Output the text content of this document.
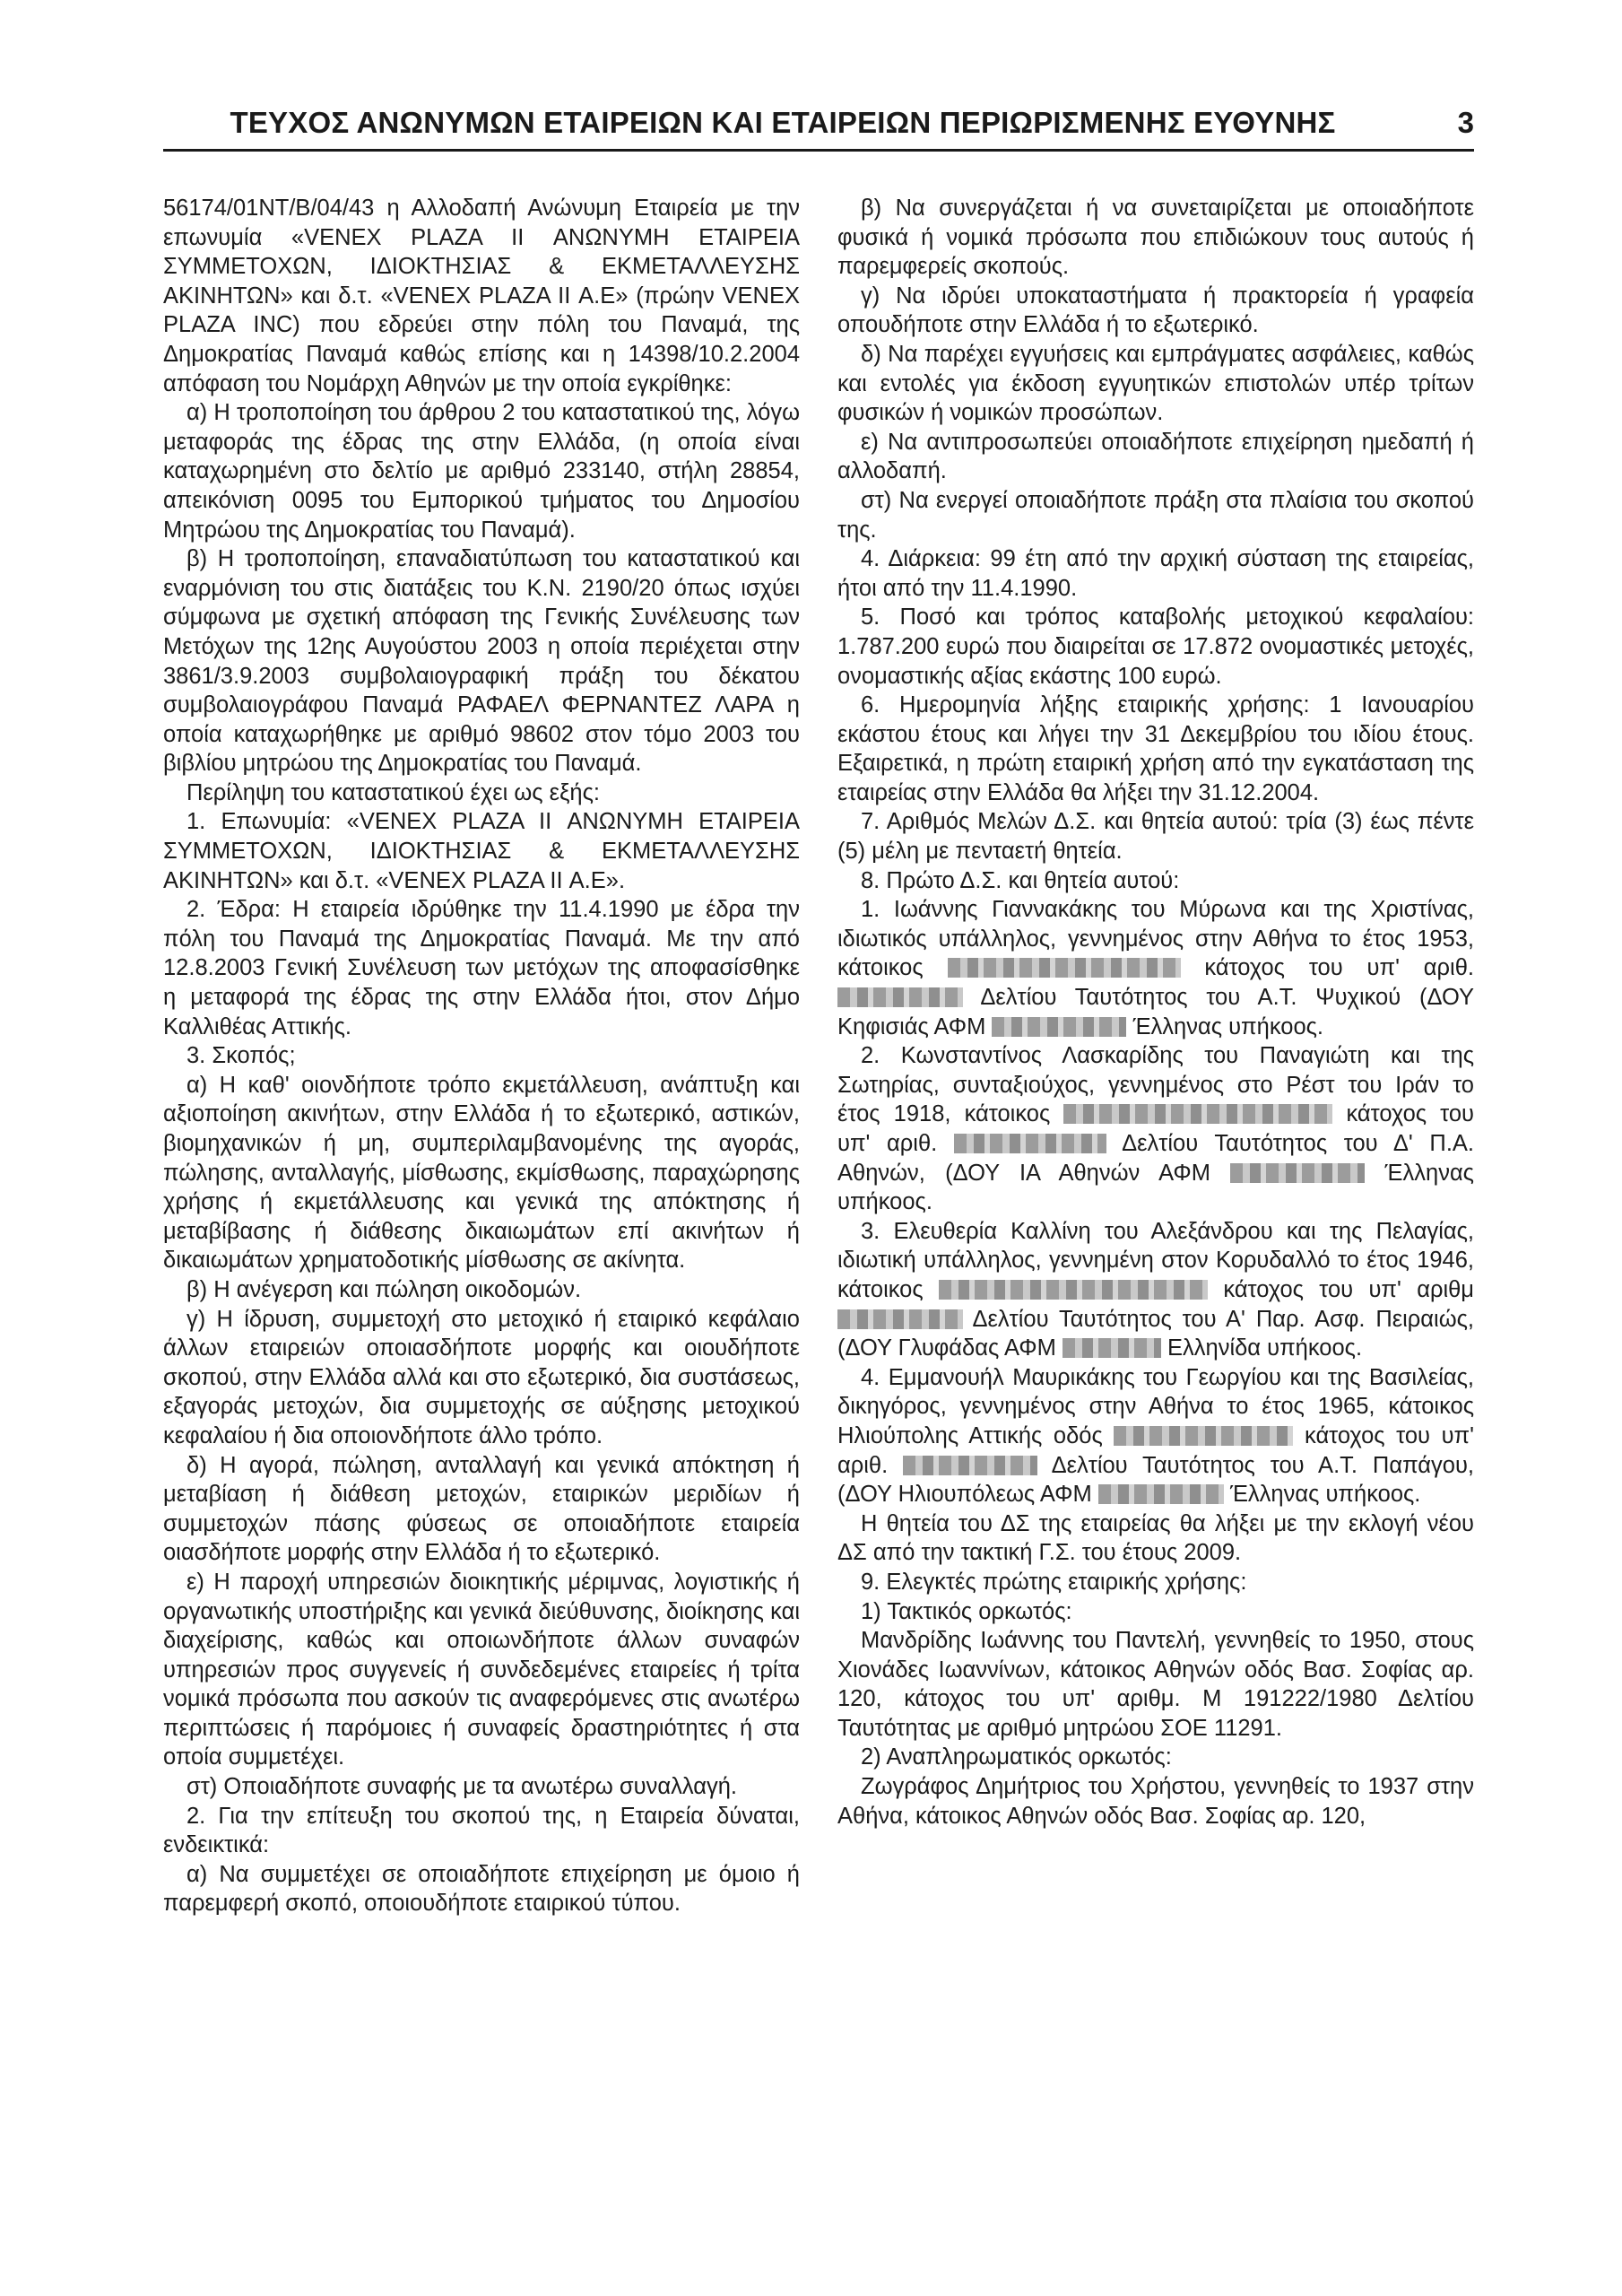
ΤΕΥΧΟΣ ΑΝΩΝΥΜΩΝ ΕΤΑΙΡΕΙΩΝ ΚΑΙ ΕΤΑΙΡΕΙΩΝ ΠΕΡΙΩΡΙΣΜΕΝΗΣ ΕΥΘΥΝΗΣ	3

56174/01ΝΤ/Β/04/43 η Αλλοδαπή Ανώνυμη Εταιρεία με την επωνυμία «VENEX PLAZA II ΑΝΩΝΥΜΗ ΕΤΑΙΡΕΙΑ ΣΥΜΜΕΤΟΧΩΝ, ΙΔΙΟΚΤΗΣΙΑΣ & ΕΚΜΕΤΑΛΛΕΥΣΗΣ ΑΚΙΝΗΤΩΝ» και δ.τ. «VENEX PLAZA II Α.Ε» (πρώην VENEX PLAZA INC) που εδρεύει στην πόλη του Παναμά, της Δημοκρατίας Παναμά καθώς επίσης και η 14398/10.2.2004 απόφαση του Νομάρχη Αθηνών με την οποία εγκρίθηκε:

α) Η τροποποίηση του άρθρου 2 του καταστατικού της, λόγω μεταφοράς της έδρας της στην Ελλάδα, (η οποία είναι καταχωρημένη στο δελτίο με αριθμό 233140, στήλη 28854, απεικόνιση 0095 του Εμπορικού τμήματος του Δημοσίου Μητρώου της Δημοκρατίας του Παναμά).

β) Η τροποποίηση, επαναδιατύπωση του καταστατικού και εναρμόνιση του στις διατάξεις του Κ.Ν. 2190/20 όπως ισχύει σύμφωνα με σχετική απόφαση της Γενικής Συνέλευσης των Μετόχων της 12ης Αυγούστου 2003 η οποία περιέχεται στην 3861/3.9.2003 συμβολαιογραφική πράξη του δέκατου συμβολαιογράφου Παναμά ΡΑΦΑΕΛ ΦΕΡΝΑΝΤΕΖ ΛΑΡΑ η οποία καταχωρήθηκε με αριθμό 98602 στον τόμο 2003 του βιβλίου μητρώου της Δημοκρατίας του Παναμά.

Περίληψη του καταστατικού έχει ως εξής:

1. Επωνυμία: «VENEX PLAZA II ΑΝΩΝΥΜΗ ΕΤΑΙΡΕΙΑ ΣΥΜΜΕΤΟΧΩΝ, ΙΔΙΟΚΤΗΣΙΑΣ & ΕΚΜΕΤΑΛΛΕΥΣΗΣ ΑΚΙΝΗΤΩΝ» και δ.τ. «VENEX PLAZA II Α.Ε».

2. Έδρα: Η εταιρεία ιδρύθηκε την 11.4.1990 με έδρα την πόλη του Παναμά της Δημοκρατίας Παναμά. Με την από 12.8.2003 Γενική Συνέλευση των μετόχων της αποφασίσθηκε η μεταφορά της έδρας της στην Ελλάδα ήτοι, στον Δήμο Καλλιθέας Αττικής.

3. Σκοπός;

α) Η καθ' οιονδήποτε τρόπο εκμετάλλευση, ανάπτυξη και αξιοποίηση ακινήτων, στην Ελλάδα ή το εξωτερικό, αστικών, βιομηχανικών ή μη, συμπεριλαμβανομένης της αγοράς, πώλησης, ανταλλαγής, μίσθωσης, εκμίσθωσης, παραχώρησης χρήσης ή εκμετάλλευσης και γενικά της απόκτησης ή μεταβίβασης ή διάθεσης δικαιωμάτων επί ακινήτων ή δικαιωμάτων χρηματοδοτικής μίσθωσης σε ακίνητα.

β) Η ανέγερση και πώληση οικοδομών.

γ) Η ίδρυση, συμμετοχή στο μετοχικό ή εταιρικό κεφάλαιο άλλων εταιρειών οποιασδήποτε μορφής και οιουδήποτε σκοπού, στην Ελλάδα αλλά και στο εξωτερικό, δια συστάσεως, εξαγοράς μετοχών, δια συμμετοχής σε αύξησης μετοχικού κεφαλαίου ή δια οποιονδήποτε άλλο τρόπο.

δ) Η αγορά, πώληση, ανταλλαγή και γενικά απόκτηση ή μεταβίαση ή διάθεση μετοχών, εταιρικών μεριδίων ή συμμετοχών πάσης φύσεως σε οποιαδήποτε εταιρεία οιασδήποτε μορφής στην Ελλάδα ή το εξωτερικό.

ε) Η παροχή υπηρεσιών διοικητικής μέριμνας, λογιστικής ή οργανωτικής υποστήριξης και γενικά διεύθυνσης, διοίκησης και διαχείρισης, καθώς και οποιωνδήποτε άλλων συναφών υπηρεσιών προς συγγενείς ή συνδεδεμένες εταιρείες ή τρίτα νομικά πρόσωπα που ασκούν τις αναφερόμενες στις ανωτέρω περιπτώσεις ή παρόμοιες ή συναφείς δραστηριότητες ή στα οποία συμμετέχει.

στ) Οποιαδήποτε συναφής με τα ανωτέρω συναλλαγή.

2. Για την επίτευξη του σκοπού της, η Εταιρεία δύναται, ενδεικτικά:

α) Να συμμετέχει σε οποιαδήποτε επιχείρηση με όμοιο ή παρεμφερή σκοπό, οποιουδήποτε εταιρικού τύπου.

β) Να συνεργάζεται ή να συνεταιρίζεται με οποιαδήποτε φυσικά ή νομικά πρόσωπα που επιδιώκουν τους αυτούς ή παρεμφερείς σκοπούς.

γ) Να ιδρύει υποκαταστήματα ή πρακτορεία ή γραφεία οπουδήποτε στην Ελλάδα ή το εξωτερικό.

δ) Να παρέχει εγγυήσεις και εμπράγματες ασφάλειες, καθώς και εντολές για έκδοση εγγυητικών επιστολών υπέρ τρίτων φυσικών ή νομικών προσώπων.

ε) Να αντιπροσωπεύει οποιαδήποτε επιχείρηση ημεδαπή ή αλλοδαπή.

στ) Να ενεργεί οποιαδήποτε πράξη στα πλαίσια του σκοπού της.

4. Διάρκεια: 99 έτη από την αρχική σύσταση της εταιρείας, ήτοι από την 11.4.1990.

5. Ποσό και τρόπος καταβολής μετοχικού κεφαλαίου: 1.787.200 ευρώ που διαιρείται σε 17.872 ονομαστικές μετοχές, ονομαστικής αξίας εκάστης 100 ευρώ.

6. Ημερομηνία λήξης εταιρικής χρήσης: 1 Ιανουαρίου εκάστου έτους και λήγει την 31 Δεκεμβρίου του ιδίου έτους. Εξαιρετικά, η πρώτη εταιρική χρήση από την εγκατάσταση της εταιρείας στην Ελλάδα θα λήξει την 31.12.2004.

7. Αριθμός Μελών Δ.Σ. και θητεία αυτού: τρία (3) έως πέντε (5) μέλη με πενταετή θητεία.

8. Πρώτο Δ.Σ. και θητεία αυτού:

1. Ιωάννης Γιαννακάκης του Μύρωνα και της Χριστίνας, ιδιωτικός υπάλληλος, γεννημένος στην Αθήνα το έτος 1953, κάτοικος	κάτοχος του υπ' αριθ.  Δελτίου Ταυτότητος του Α.Τ. Ψυχικού (ΔΟΥ Κηφισιάς ΑΦΜ	Έλληνας υπήκοος.

2. Κωνσταντίνος Λασκαρίδης του Παναγιώτη και της Σωτηρίας, συνταξιούχος, γεννημένος στο Ρέστ του Ιράν το έτος 1918, κάτοικος	κάτοχος του υπ' αριθ.	Δελτίου Ταυτότητος του Δ' Π.Α. Αθηνών, (ΔΟΥ ΙΑ Αθηνών ΑΦΜ	Έλληνας υπήκοος.

3. Ελευθερία Καλλίνη του Αλεξάνδρου και της Πελαγίας, ιδιωτική υπάλληλος, γεννημένη στον Κορυδαλλό το έτος 1946, κάτοικος	κάτοχος του υπ' αριθμ  Δελτίου Ταυτότητος του Α' Παρ. Ασφ. Πειραιώς, (ΔΟΥ Γλυφάδας ΑΦΜ	Ελληνίδα υπήκοος.

4. Εμμανουήλ Μαυρικάκης του Γεωργίου και της Βασιλείας, δικηγόρος, γεννημένος στην Αθήνα το έτος 1965, κάτοικος Ηλιούπολης Αττικής οδός	κάτοχος του υπ' αριθ.	Δελτίου Ταυτότητος του Α.Τ. Παπάγου, (ΔΟΥ Ηλιουπόλεως ΑΦΜ	Έλληνας υπήκοος.

Η θητεία του ΔΣ της εταιρείας θα λήξει με την εκλογή νέου ΔΣ από την τακτική Γ.Σ. του έτους 2009.

9. Ελεγκτές πρώτης εταιρικής χρήσης:

1) Τακτικός ορκωτός:

Μανδρίδης Ιωάννης του Παντελή, γεννηθείς το 1950, στους Χιονάδες Ιωαννίνων, κάτοικος Αθηνών οδός Βασ. Σοφίας αρ. 120, κάτοχος του υπ' αριθμ. Μ 191222/1980 Δελτίου Ταυτότητας με αριθμό μητρώου ΣΟΕ 11291.

2) Αναπληρωματικός ορκωτός:

Ζωγράφος Δημήτριος του Χρήστου, γεννηθείς το 1937 στην Αθήνα, κάτοικος Αθηνών οδός Βασ. Σοφίας αρ. 120,
